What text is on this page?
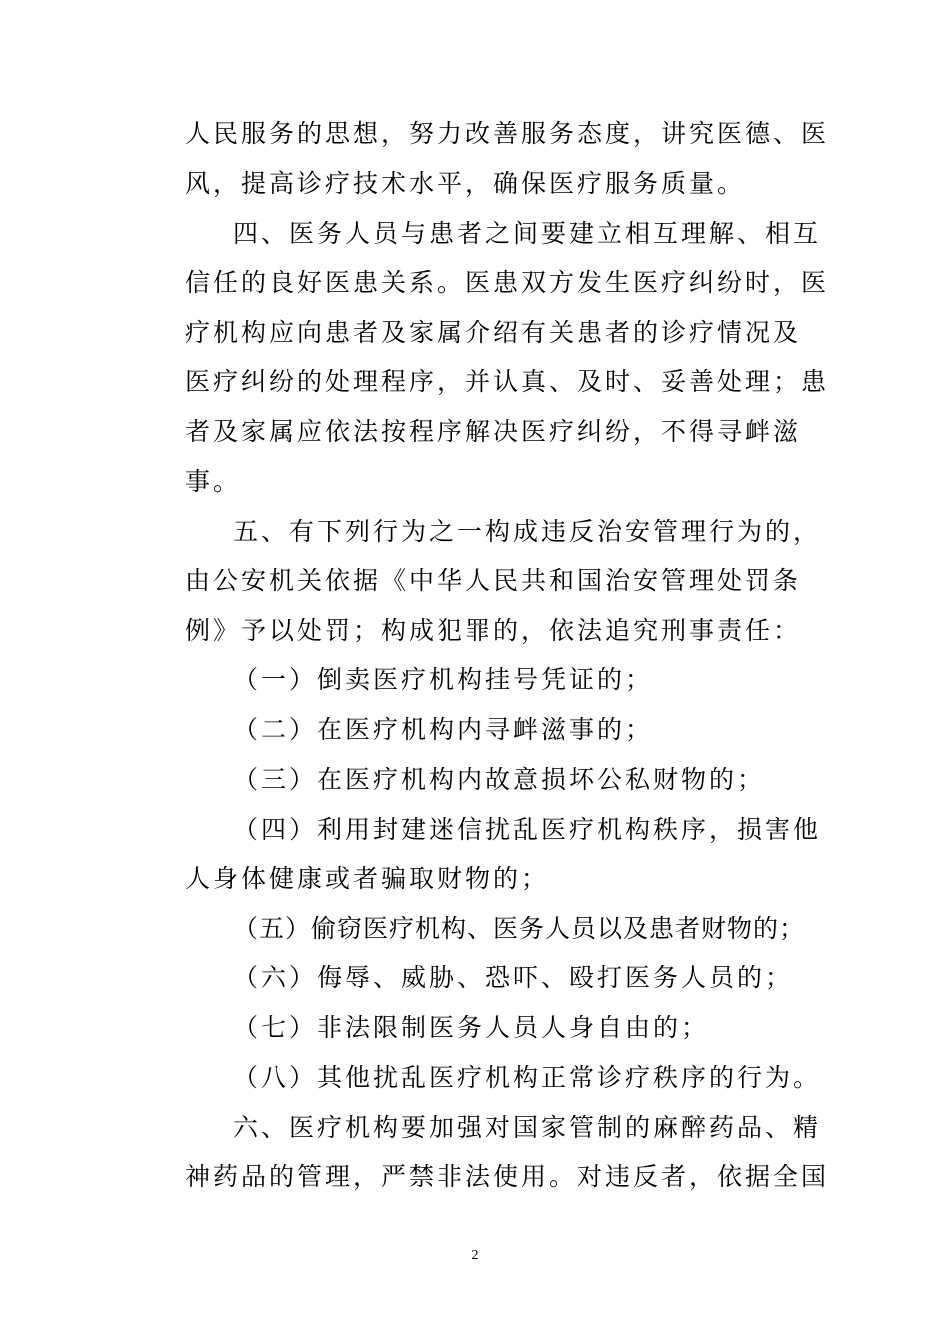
人民服务的思想，努力改善服务态度，讲究医德、医
风，提高诊疗技术水平，确保医疗服务质量。
四、医务人员与患者之间要建立相互理解、相互
信任的良好医患关系。医患双方发生医疗纠纷时，医
疗机构应向患者及家属介绍有关患者的诊疗情况及
医疗纠纷的处理程序，并认真、及时、妥善处理；患
者及家属应依法按程序解决医疗纠纷，不得寻衅滋
事。
五、有下列行为之一构成违反治安管理行为的，
由公安机关依据《中华人民共和国治安管理处罚条
例》予以处罚；构成犯罪的，依法追究刑事责任：
（一）倒卖医疗机构挂号凭证的；
（二）在医疗机构内寻衅滋事的；
（三）在医疗机构内故意损坏公私财物的；
（四）利用封建迷信扰乱医疗机构秩序，损害他
人身体健康或者骗取财物的；
（五）偷窃医疗机构、医务人员以及患者财物的；
（六）侮辱、威胁、恐吓、殴打医务人员的；
（七）非法限制医务人员人身自由的；
（八）其他扰乱医疗机构正常诊疗秩序的行为。
六、医疗机构要加强对国家管制的麻醉药品、精
神药品的管理，严禁非法使用。对违反者，依据全国
2
